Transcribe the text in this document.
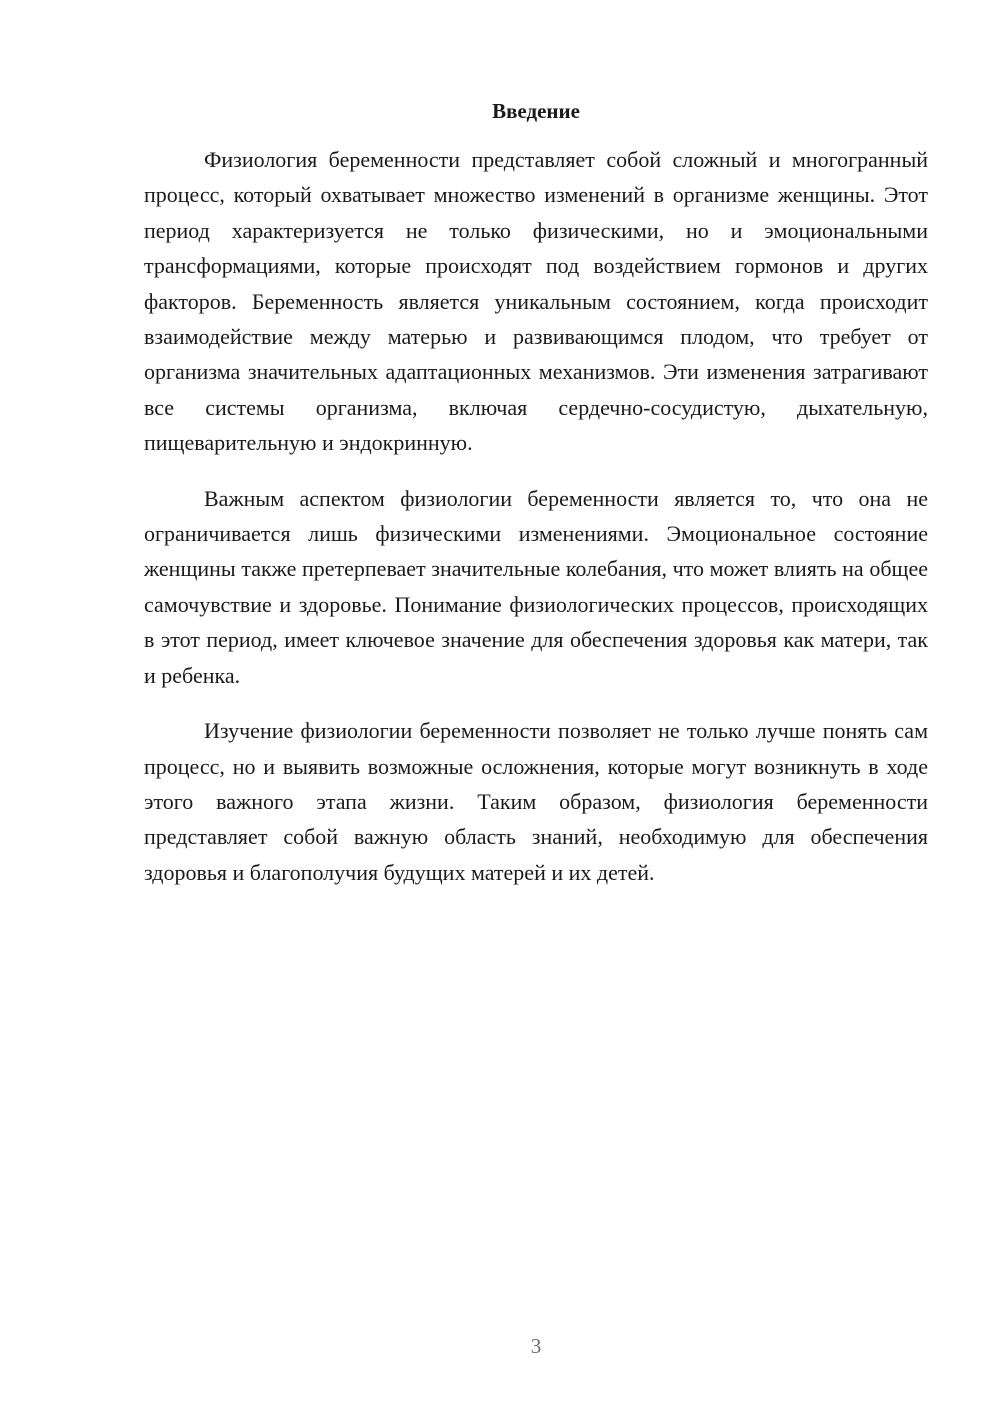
Введение

Физиология беременности представляет собой сложный и многогранный процесс, который охватывает множество изменений в организме женщины. Этот период характеризуется не только физическими, но и эмоциональными трансформациями, которые происходят под воздействием гормонов и других факторов. Беременность является уникальным состоянием, когда происходит взаимодействие между матерью и развивающимся плодом, что требует от организма значительных адаптационных механизмов. Эти изменения затрагивают все системы организма, включая сердечно-сосудистую, дыхательную, пищеварительную и эндокринную.

Важным аспектом физиологии беременности является то, что она не ограничивается лишь физическими изменениями. Эмоциональное состояние женщины также претерпевает значительные колебания, что может влиять на общее самочувствие и здоровье. Понимание физиологических процессов, происходящих в этот период, имеет ключевое значение для обеспечения здоровья как матери, так и ребенка.

Изучение физиологии беременности позволяет не только лучше понять сам процесс, но и выявить возможные осложнения, которые могут возникнуть в ходе этого важного этапа жизни. Таким образом, физиология беременности представляет собой важную область знаний, необходимую для обеспечения здоровья и благополучия будущих матерей и их детей.

3
